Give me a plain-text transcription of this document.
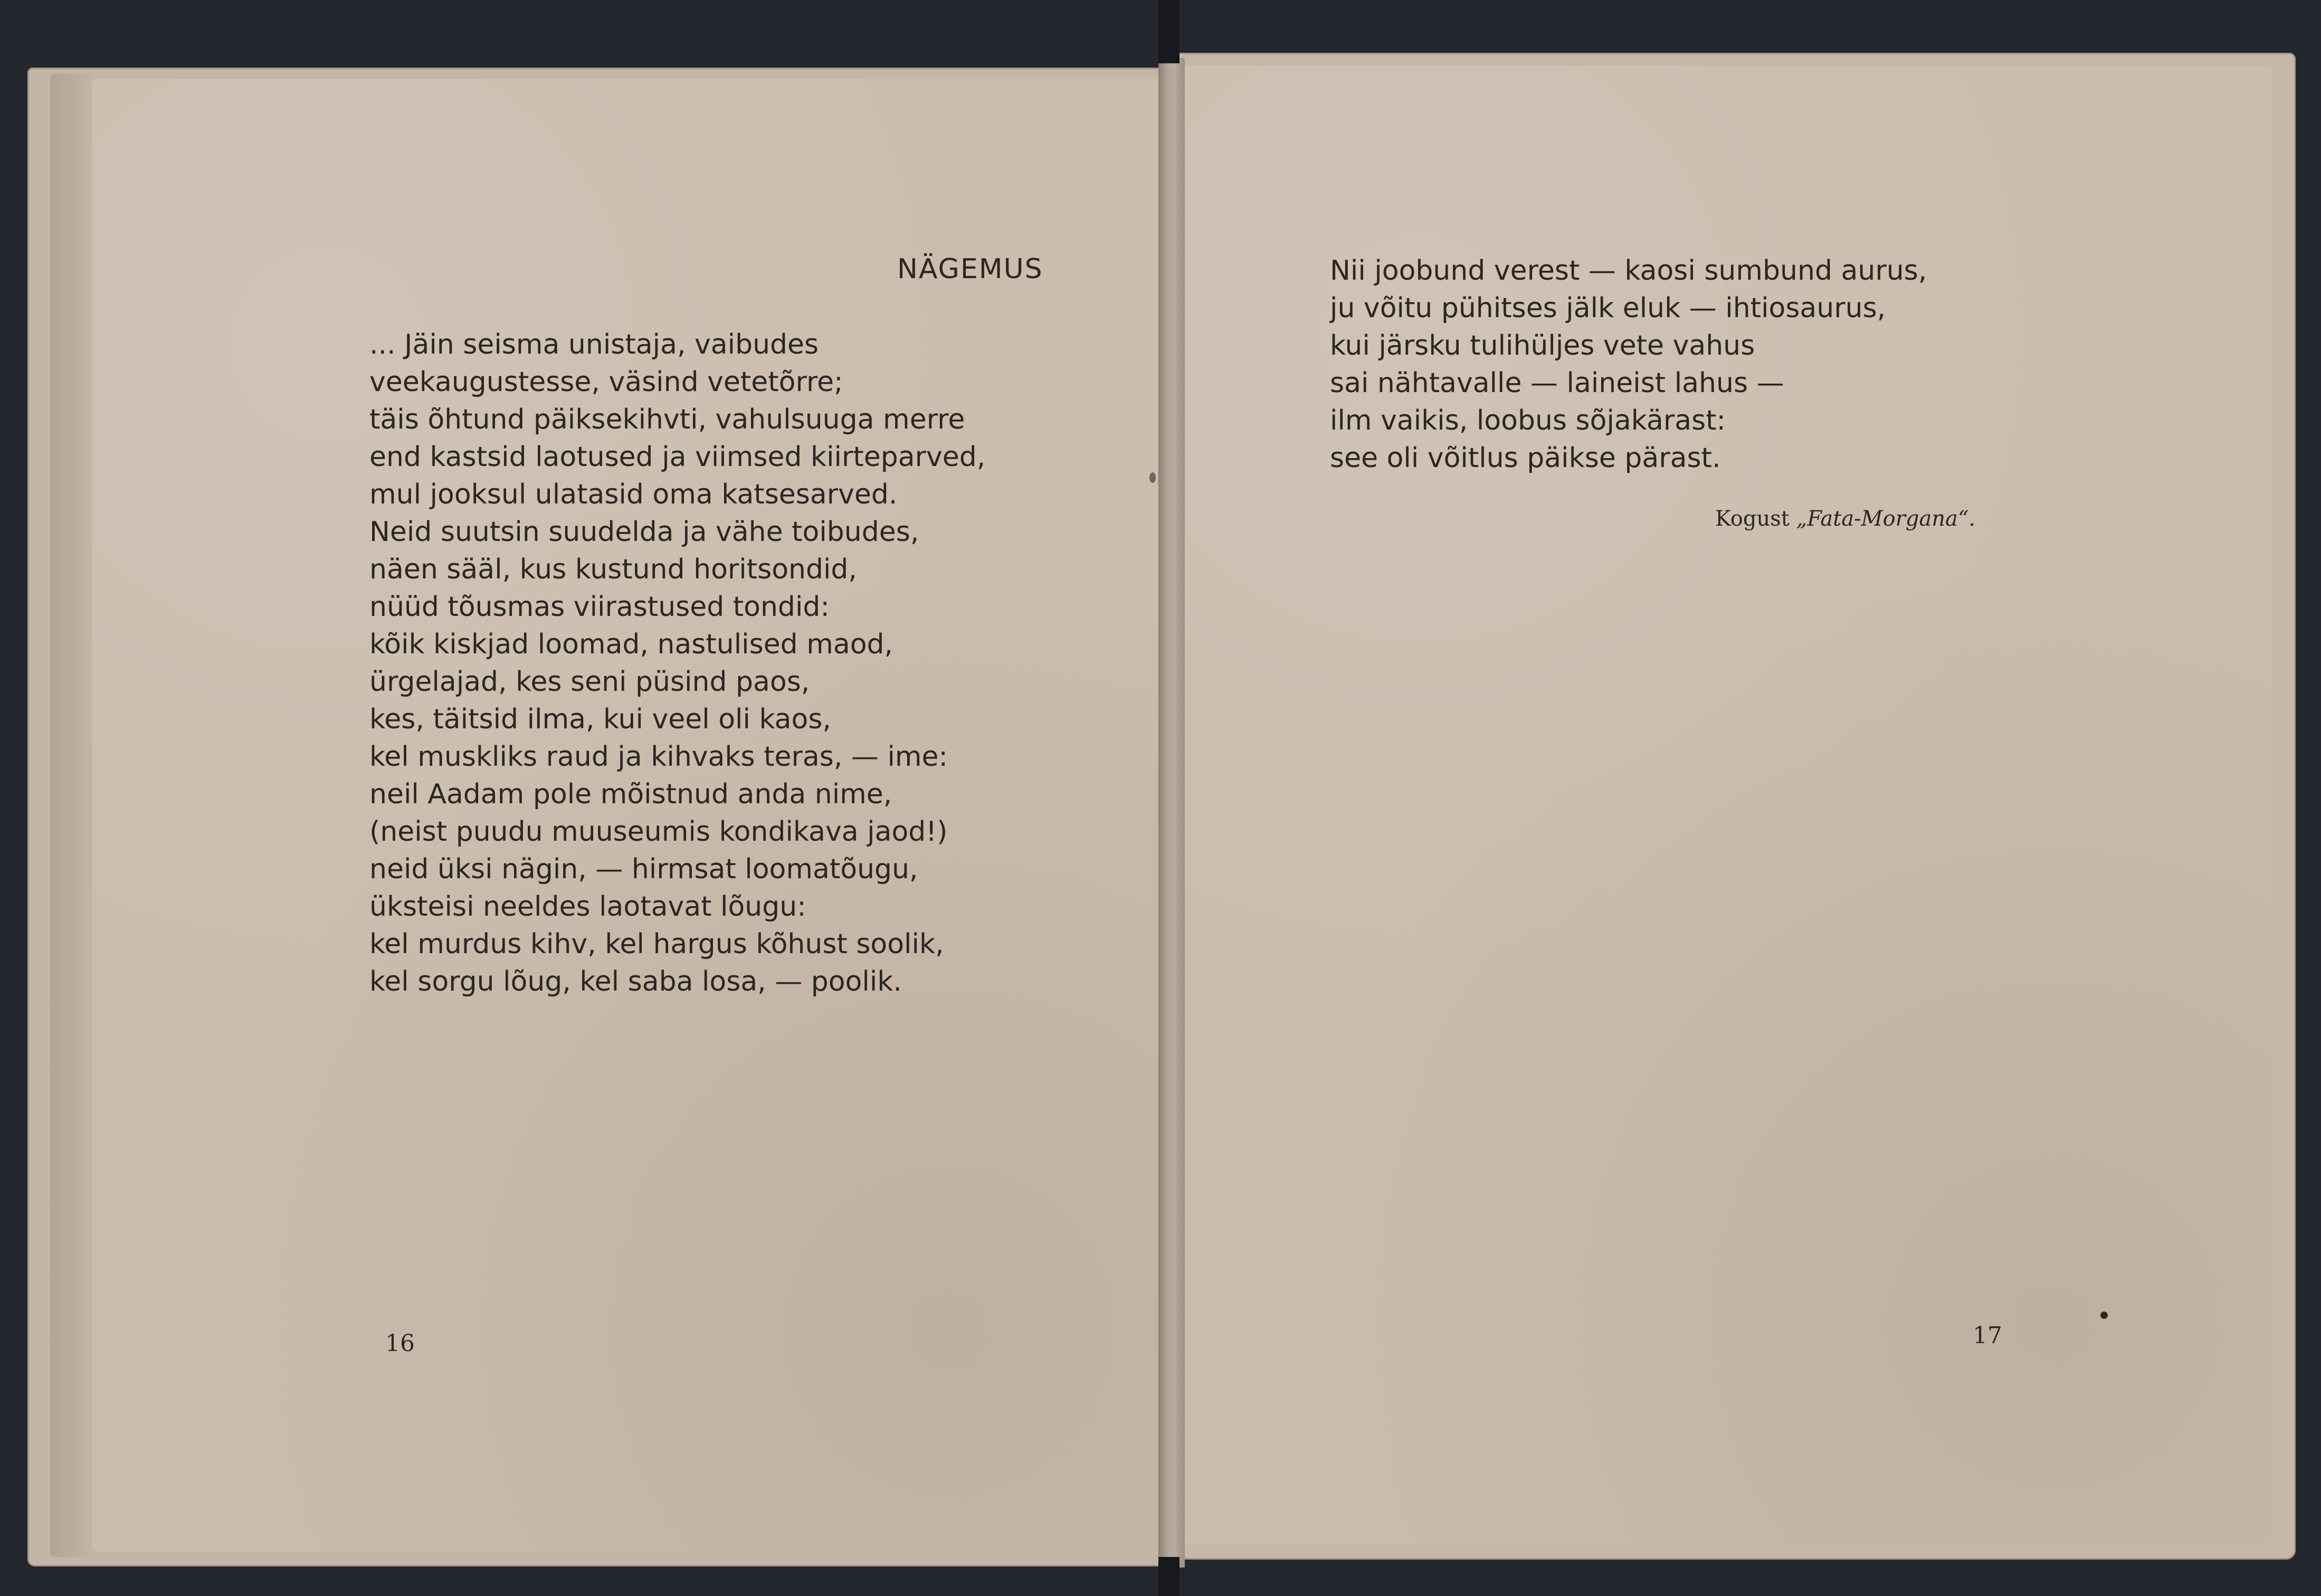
NÄGEMUS
... Jäin seisma unistaja, vaibudes
veekaugustesse, väsind vetetõrre;
täis õhtund päiksekihvti, vahulsuuga merre
end kastsid laotused ja viimsed kiirteparved,
mul jooksul ulatasid oma katsesarved.
Neid suutsin suudelda ja vähe toibudes,
näen sääl, kus kustund horitsondid,
nüüd tõusmas viirastused tondid:
kõik kiskjad loomad, nastulised maod,
ürgelajad, kes seni püsind paos,
kes, täitsid ilma, kui veel oli kaos,
kel muskliks raud ja kihvaks teras, — ime:
neil Aadam pole mõistnud anda nime,
(neist puudu muuseumis kondikava jaod!)
neid üksi nägin, — hirmsat loomatõugu,
üksteisi neeldes laotavat lõugu:
kel murdus kihv, kel hargus kõhust soolik,
kel sorgu lõug, kel saba losa, — poolik.
16
Nii joobund verest — kaosi sumbund aurus,
ju võitu pühitses jälk eluk — ihtiosaurus,
kui järsku tulihüljes vete vahus
sai nähtavalle — laineist lahus —
ilm vaikis, loobus sõjakärast:
see oli võitlus päikse pärast.
Kogust „Fata-Morgana“.
17
